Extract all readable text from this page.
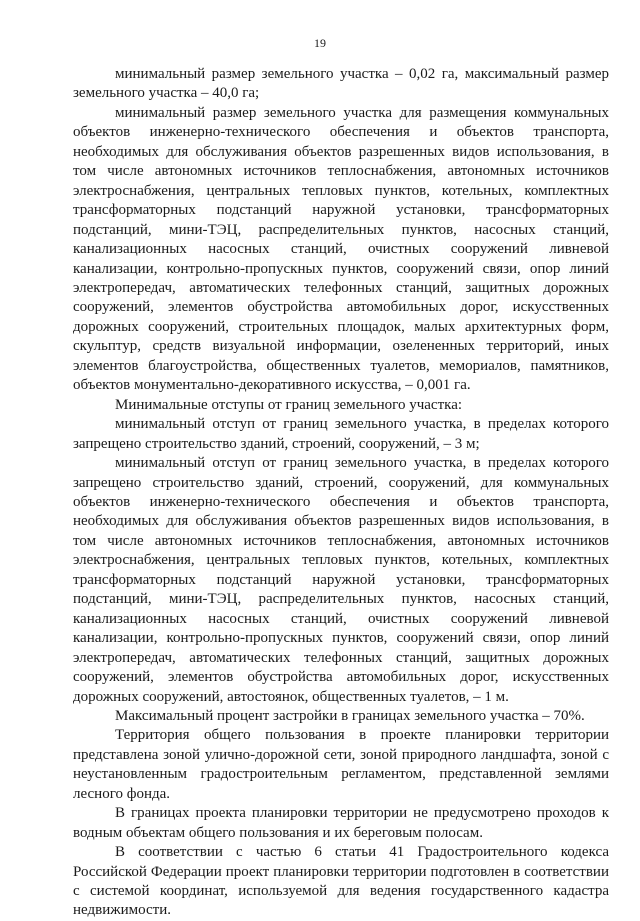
19

минимальный размер земельного участка – 0,02 га, максимальный размер земельного участка – 40,0 га;

минимальный размер земельного участка для размещения коммунальных объектов инженерно-технического обеспечения и объектов транспорта, необходимых для обслуживания объектов разрешенных видов использования, в том числе автономных источников теплоснабжения, автономных источников электроснабжения, центральных тепловых пунктов, котельных, комплектных трансформаторных подстанций наружной установки, трансформаторных подстанций, мини-ТЭЦ, распределительных пунктов, насосных станций, канализационных насосных станций, очистных сооружений ливневой канализации, контрольно-пропускных пунктов, сооружений связи, опор линий электропередач, автоматических телефонных станций, защитных дорожных сооружений, элементов обустройства автомобильных дорог, искусственных дорожных сооружений, строительных площадок, малых архитектурных форм, скульптур, средств визуальной информации, озелененных территорий, иных элементов благоустройства, общественных туалетов, мемориалов, памятников, объектов монументально-декоративного искусства, – 0,001 га.

Минимальные отступы от границ земельного участка:

минимальный отступ от границ земельного участка, в пределах которого запрещено строительство зданий, строений, сооружений, – 3 м;

минимальный отступ от границ земельного участка, в пределах которого запрещено строительство зданий, строений, сооружений, для коммунальных объектов инженерно-технического обеспечения и объектов транспорта, необходимых для обслуживания объектов разрешенных видов использования, в том числе автономных источников теплоснабжения, автономных источников электроснабжения, центральных тепловых пунктов, котельных, комплектных трансформаторных подстанций наружной установки, трансформаторных подстанций, мини-ТЭЦ, распределительных пунктов, насосных станций, канализационных насосных станций, очистных сооружений ливневой канализации, контрольно-пропускных пунктов, сооружений связи, опор линий электропередач, автоматических телефонных станций, защитных дорожных сооружений, элементов обустройства автомобильных дорог, искусственных дорожных сооружений, автостоянок, общественных туалетов, – 1 м.

Максимальный процент застройки в границах земельного участка – 70%.

Территория общего пользования в проекте планировки территории представлена зоной улично-дорожной сети, зоной природного ландшафта, зоной с неустановленным градостроительным регламентом, представленной землями лесного фонда.

В границах проекта планировки территории не предусмотрено проходов к водным объектам общего пользования и их береговым полосам.

В соответствии с частью 6 статьи 41 Градостроительного кодекса Российской Федерации проект планировки территории подготовлен в соответствии с системой координат, используемой для ведения государственного кадастра недвижимости.
